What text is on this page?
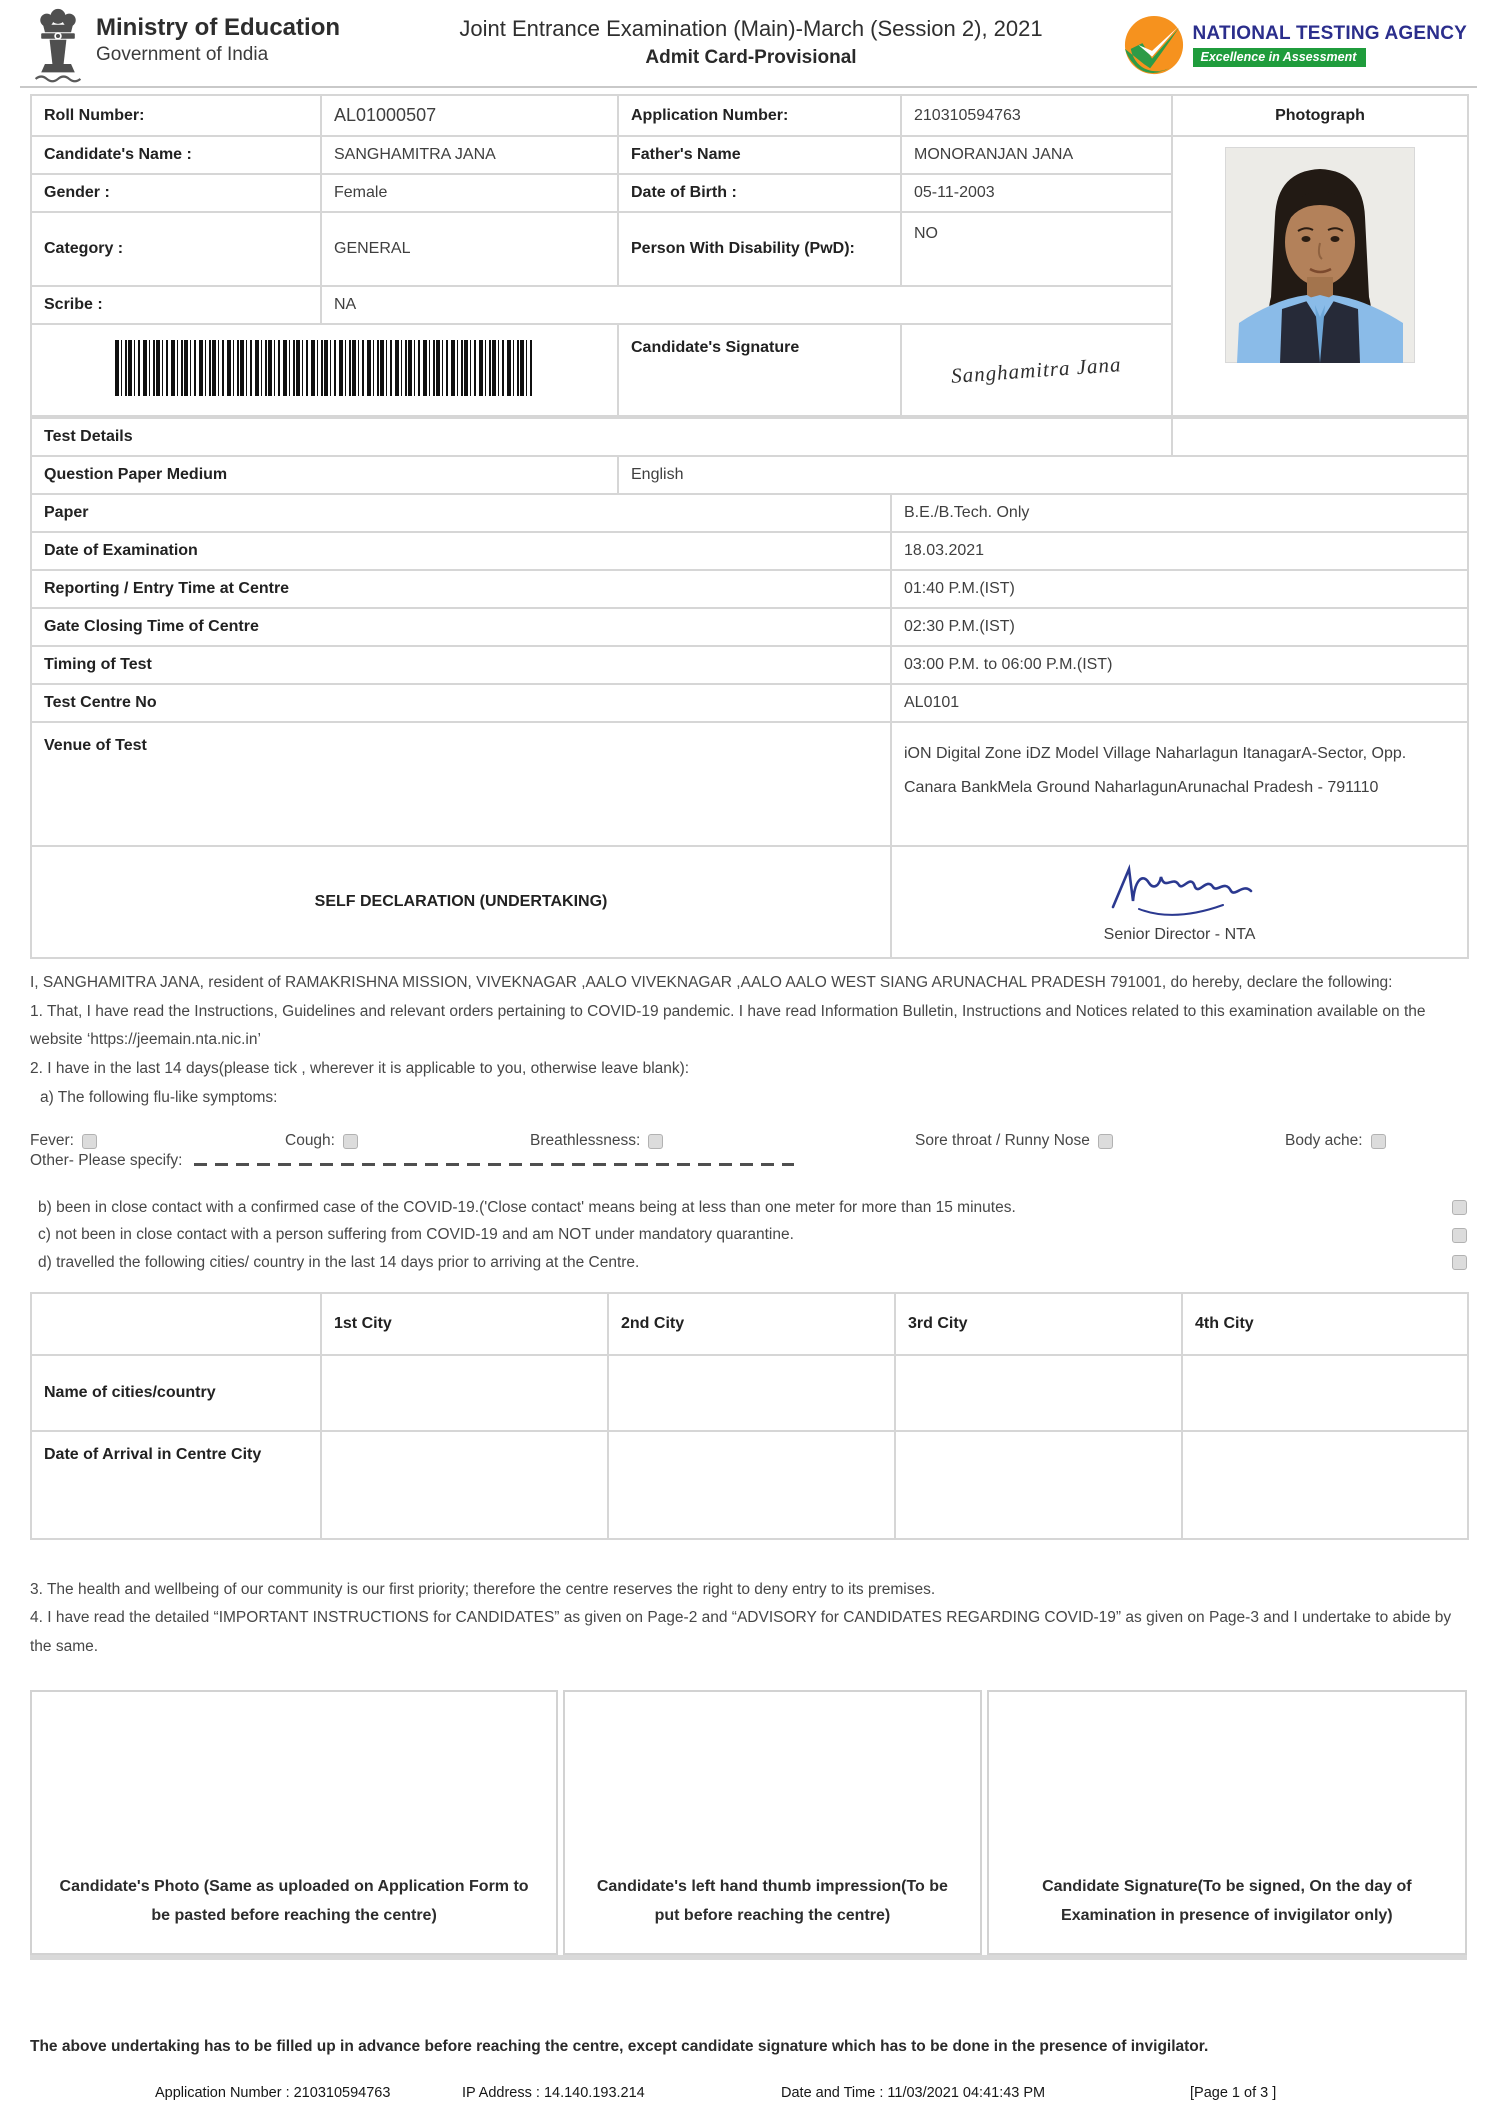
Ministry of Education
Government of India
Joint Entrance Examination (Main)-March (Session 2), 2021
Admit Card-Provisional
NATIONAL TESTING AGENCY
Excellence in Assessment
Roll Number:	AL01000507	Application Number:	210310594763	Photograph
Candidate's Name :	SANGHAMITRA JANA	Father's Name	MONORANJAN JANA	

Gender :	Female	Date of Birth :	05-11-2003	
Category :	GENERAL	Person With Disability (PwD):	NO	
Scribe :	NA			
		Candidate's Signature	Sanghamitra Jana	
Test Details			
Question Paper Medium	English		
Paper		B.E./B.Tech. Only	
Date of Examination		18.03.2021	
Reporting / Entry Time at Centre		01:40 P.M.(IST)	
Gate Closing Time of Centre		02:30 P.M.(IST)	
Timing of Test		03:00 P.M. to 06:00 P.M.(IST)	
Test Centre No		AL0101	
Venue of Test		iON Digital Zone iDZ Model Village Naharlagun ItanagarA-Sector, Opp. Canara BankMela Ground NaharlagunArunachal Pradesh - 791110	
SELF DECLARATION (UNDERTAKING)		Senior Director - NTA	

I, SANGHAMITRA JANA, resident of RAMAKRISHNA MISSION, VIVEKNAGAR ,AALO VIVEKNAGAR ,AALO AALO WEST SIANG ARUNACHAL PRADESH 791001, do hereby, declare the following:

1. That, I have read the Instructions, Guidelines and relevant orders pertaining to COVID-19 pandemic. I have read Information Bulletin, Instructions and Notices related to this examination available on the website ‘https://jeemain.nta.nic.in’

2. I have in the last 14 days(please tick , wherever it is applicable to you, otherwise leave blank):

a) The following flu-like symptoms:

Fever:	Cough:	Breathlessness:	Sore throat / Runny Nose	Body ache:
Other- Please specify:
b) been in close contact with a confirmed case of the COVID-19.('Close contact' means being at less than one meter for more than 15 minutes.
c) not been in close contact with a person suffering from COVID-19 and am NOT under mandatory quarantine.
d) travelled the following cities/ country in the last 14 days prior to arriving at the Centre.
	1st City	2nd City	3rd City	4th City
Name of cities/country				
Date of Arrival in Centre City				

3. The health and wellbeing of our community is our first priority; therefore the centre reserves the right to deny entry to its premises.

4. I have read the detailed “IMPORTANT INSTRUCTIONS for CANDIDATES” as given on Page-2 and “ADVISORY for CANDIDATES REGARDING COVID-19” as given on Page-3 and I undertake to abide by the same.

Candidate's Photo (Same as uploaded on Application Form to be pasted before reaching the centre)
Candidate's left hand thumb impression(To be put before reaching the centre)
Candidate Signature(To be signed, On the day of Examination in presence of invigilator only)

The above undertaking has to be filled up in advance before reaching the centre, except candidate signature which has to be done in the presence of invigilator.

Application Number : 210310594763	IP Address : 14.140.193.214	Date and Time : 11/03/2021 04:41:43 PM	[Page 1 of 3 ]
